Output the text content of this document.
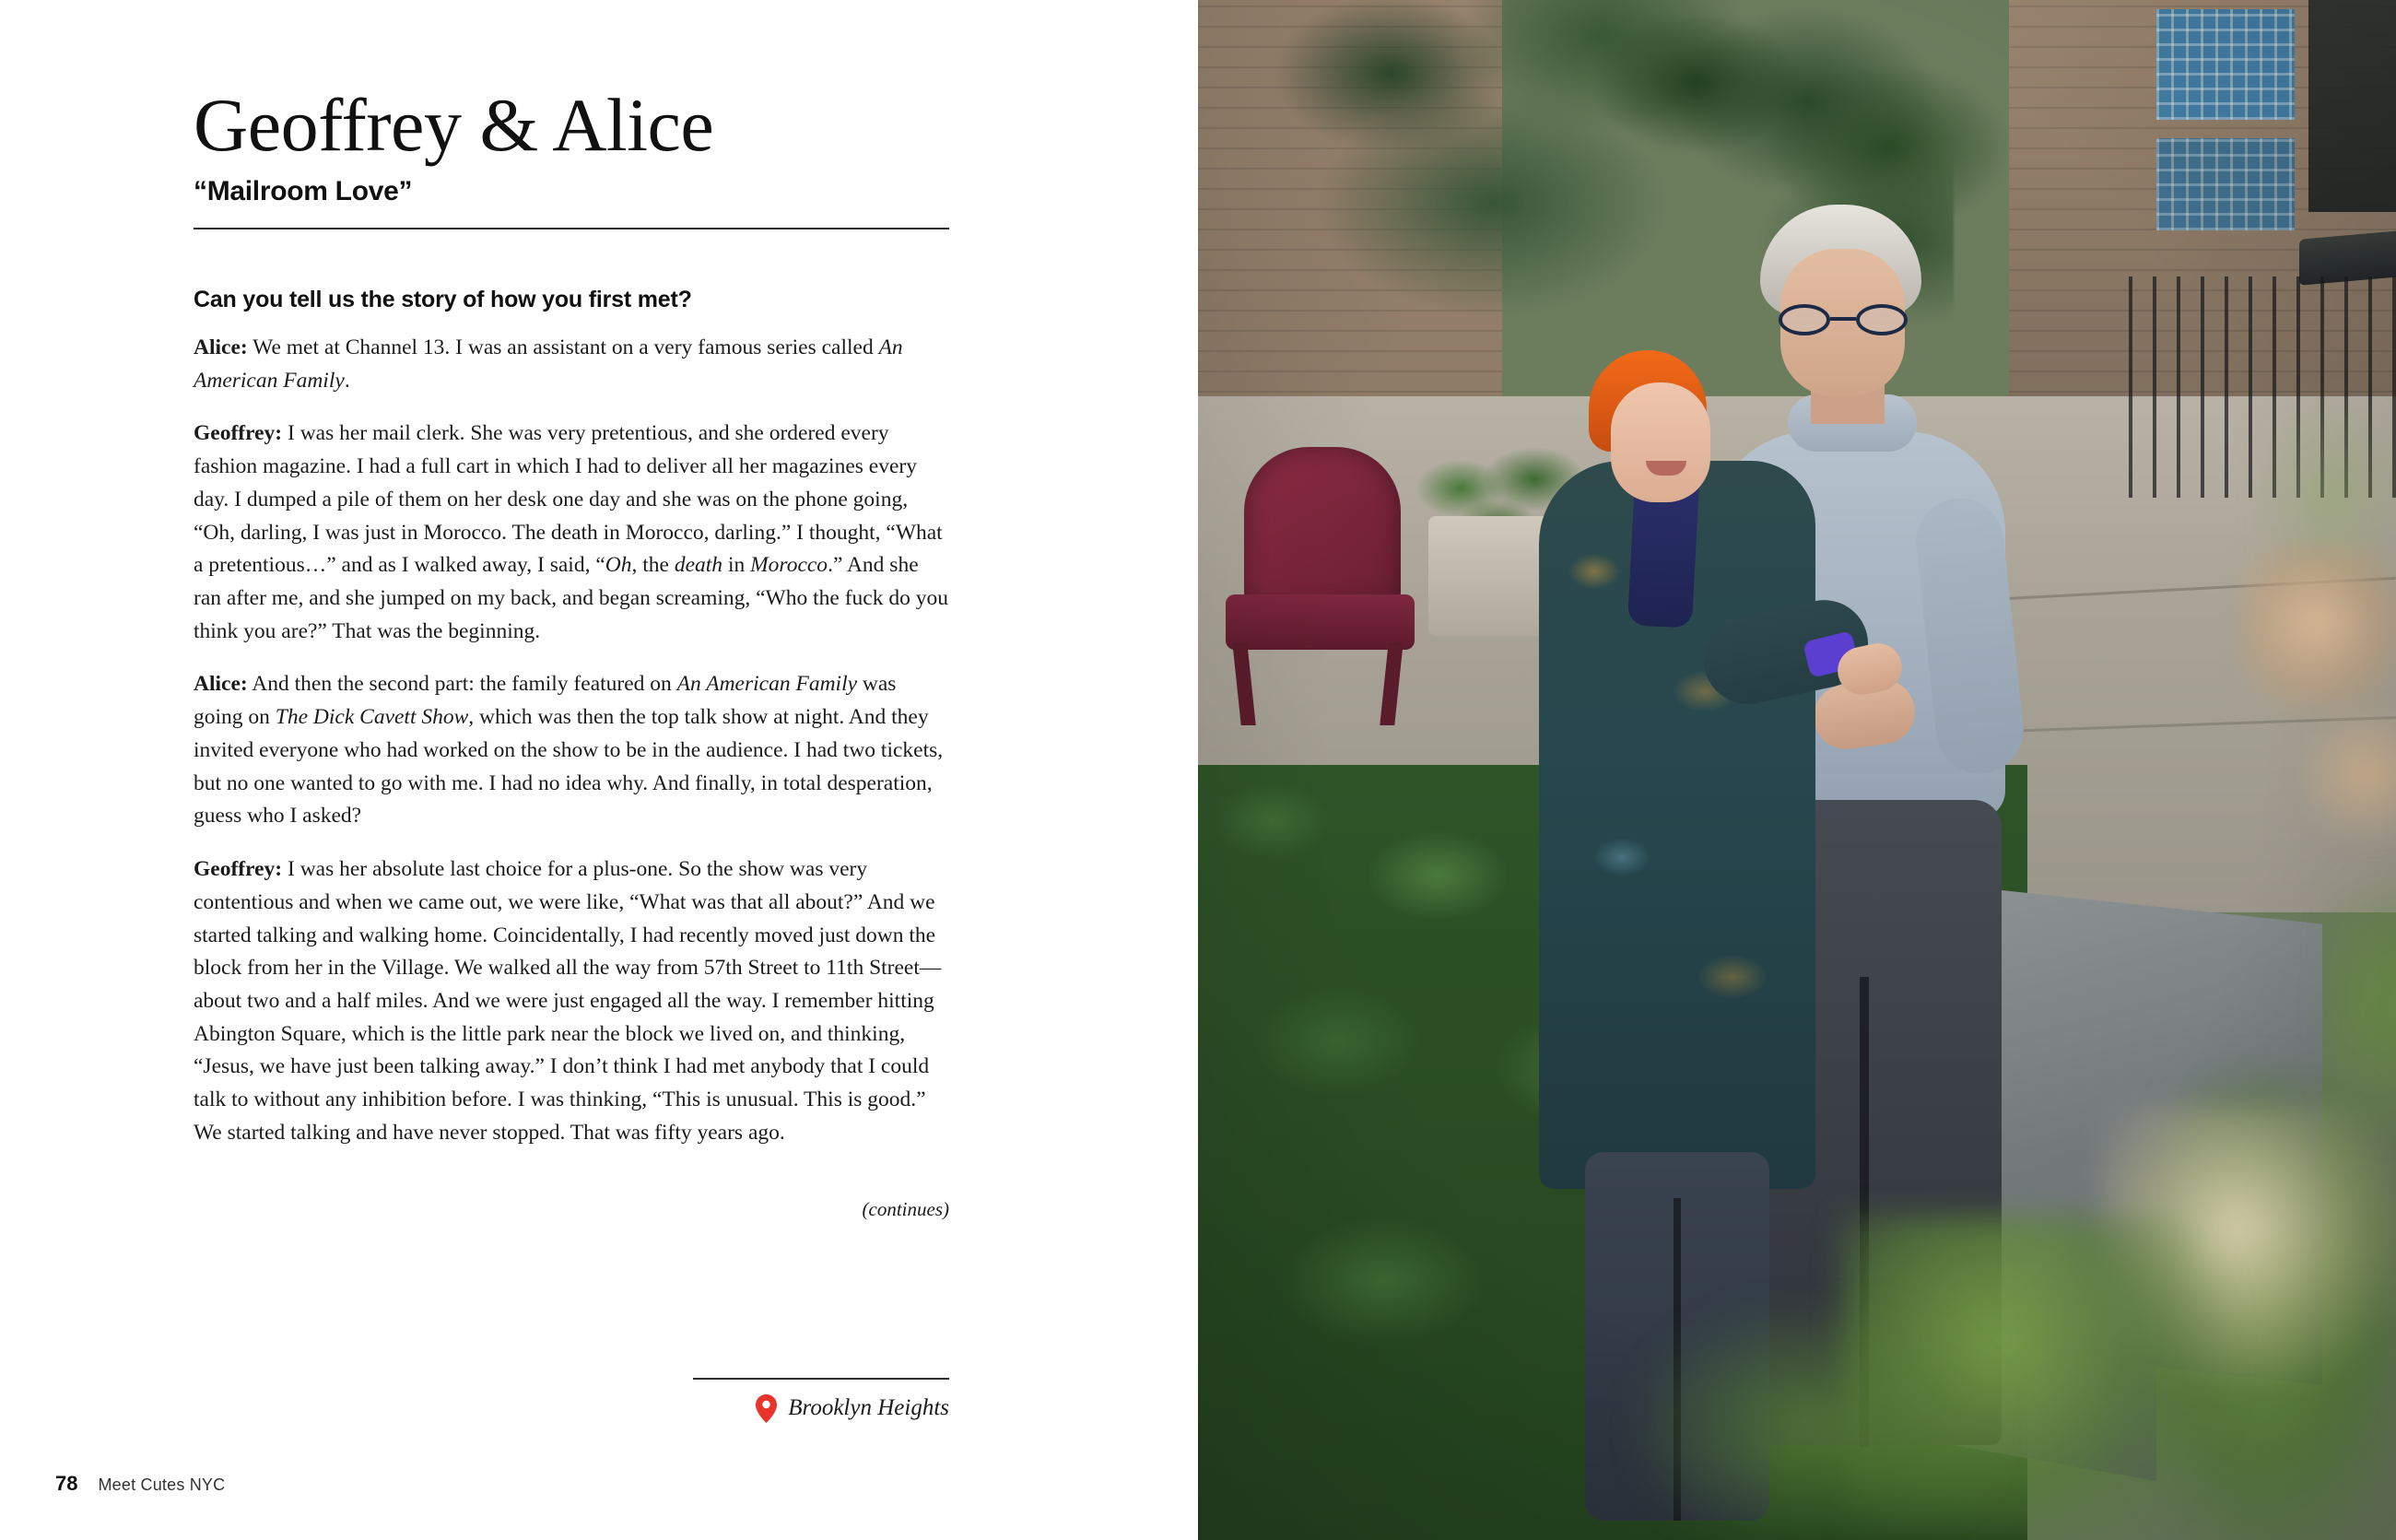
Geoffrey & Alice
“Mailroom Love”
Can you tell us the story of how you first met?
Alice: We met at Channel 13. I was an assistant on a very famous series called An American Family.
Geoffrey: I was her mail clerk. She was very pretentious, and she ordered every fashion magazine. I had a full cart in which I had to deliver all her magazines every day. I dumped a pile of them on her desk one day and she was on the phone going, “Oh, darling, I was just in Morocco. The death in Morocco, darling.” I thought, “What a pretentious…” and as I walked away, I said, “Oh, the death in Morocco.” And she ran after me, and she jumped on my back, and began screaming, “Who the fuck do you think you are?” That was the beginning.
Alice: And then the second part: the family featured on An American Family was going on The Dick Cavett Show, which was then the top talk show at night. And they invited everyone who had worked on the show to be in the audience. I had two tickets, but no one wanted to go with me. I had no idea why. And finally, in total desperation, guess who I asked?
Geoffrey: I was her absolute last choice for a plus-one. So the show was very contentious and when we came out, we were like, “What was that all about?” And we started talking and walking home. Coincidentally, I had recently moved just down the block from her in the Village. We walked all the way from 57th Street to 11th Street—about two and a half miles. And we were just engaged all the way. I remember hitting Abington Square, which is the little park near the block we lived on, and thinking, “Jesus, we have just been talking away.” I don’t think I had met anybody that I could talk to without any inhibition before. I was thinking, “This is unusual. This is good.” We started talking and have never stopped. That was fifty years ago.
(continues)
Brooklyn Heights
78 Meet Cutes NYC
